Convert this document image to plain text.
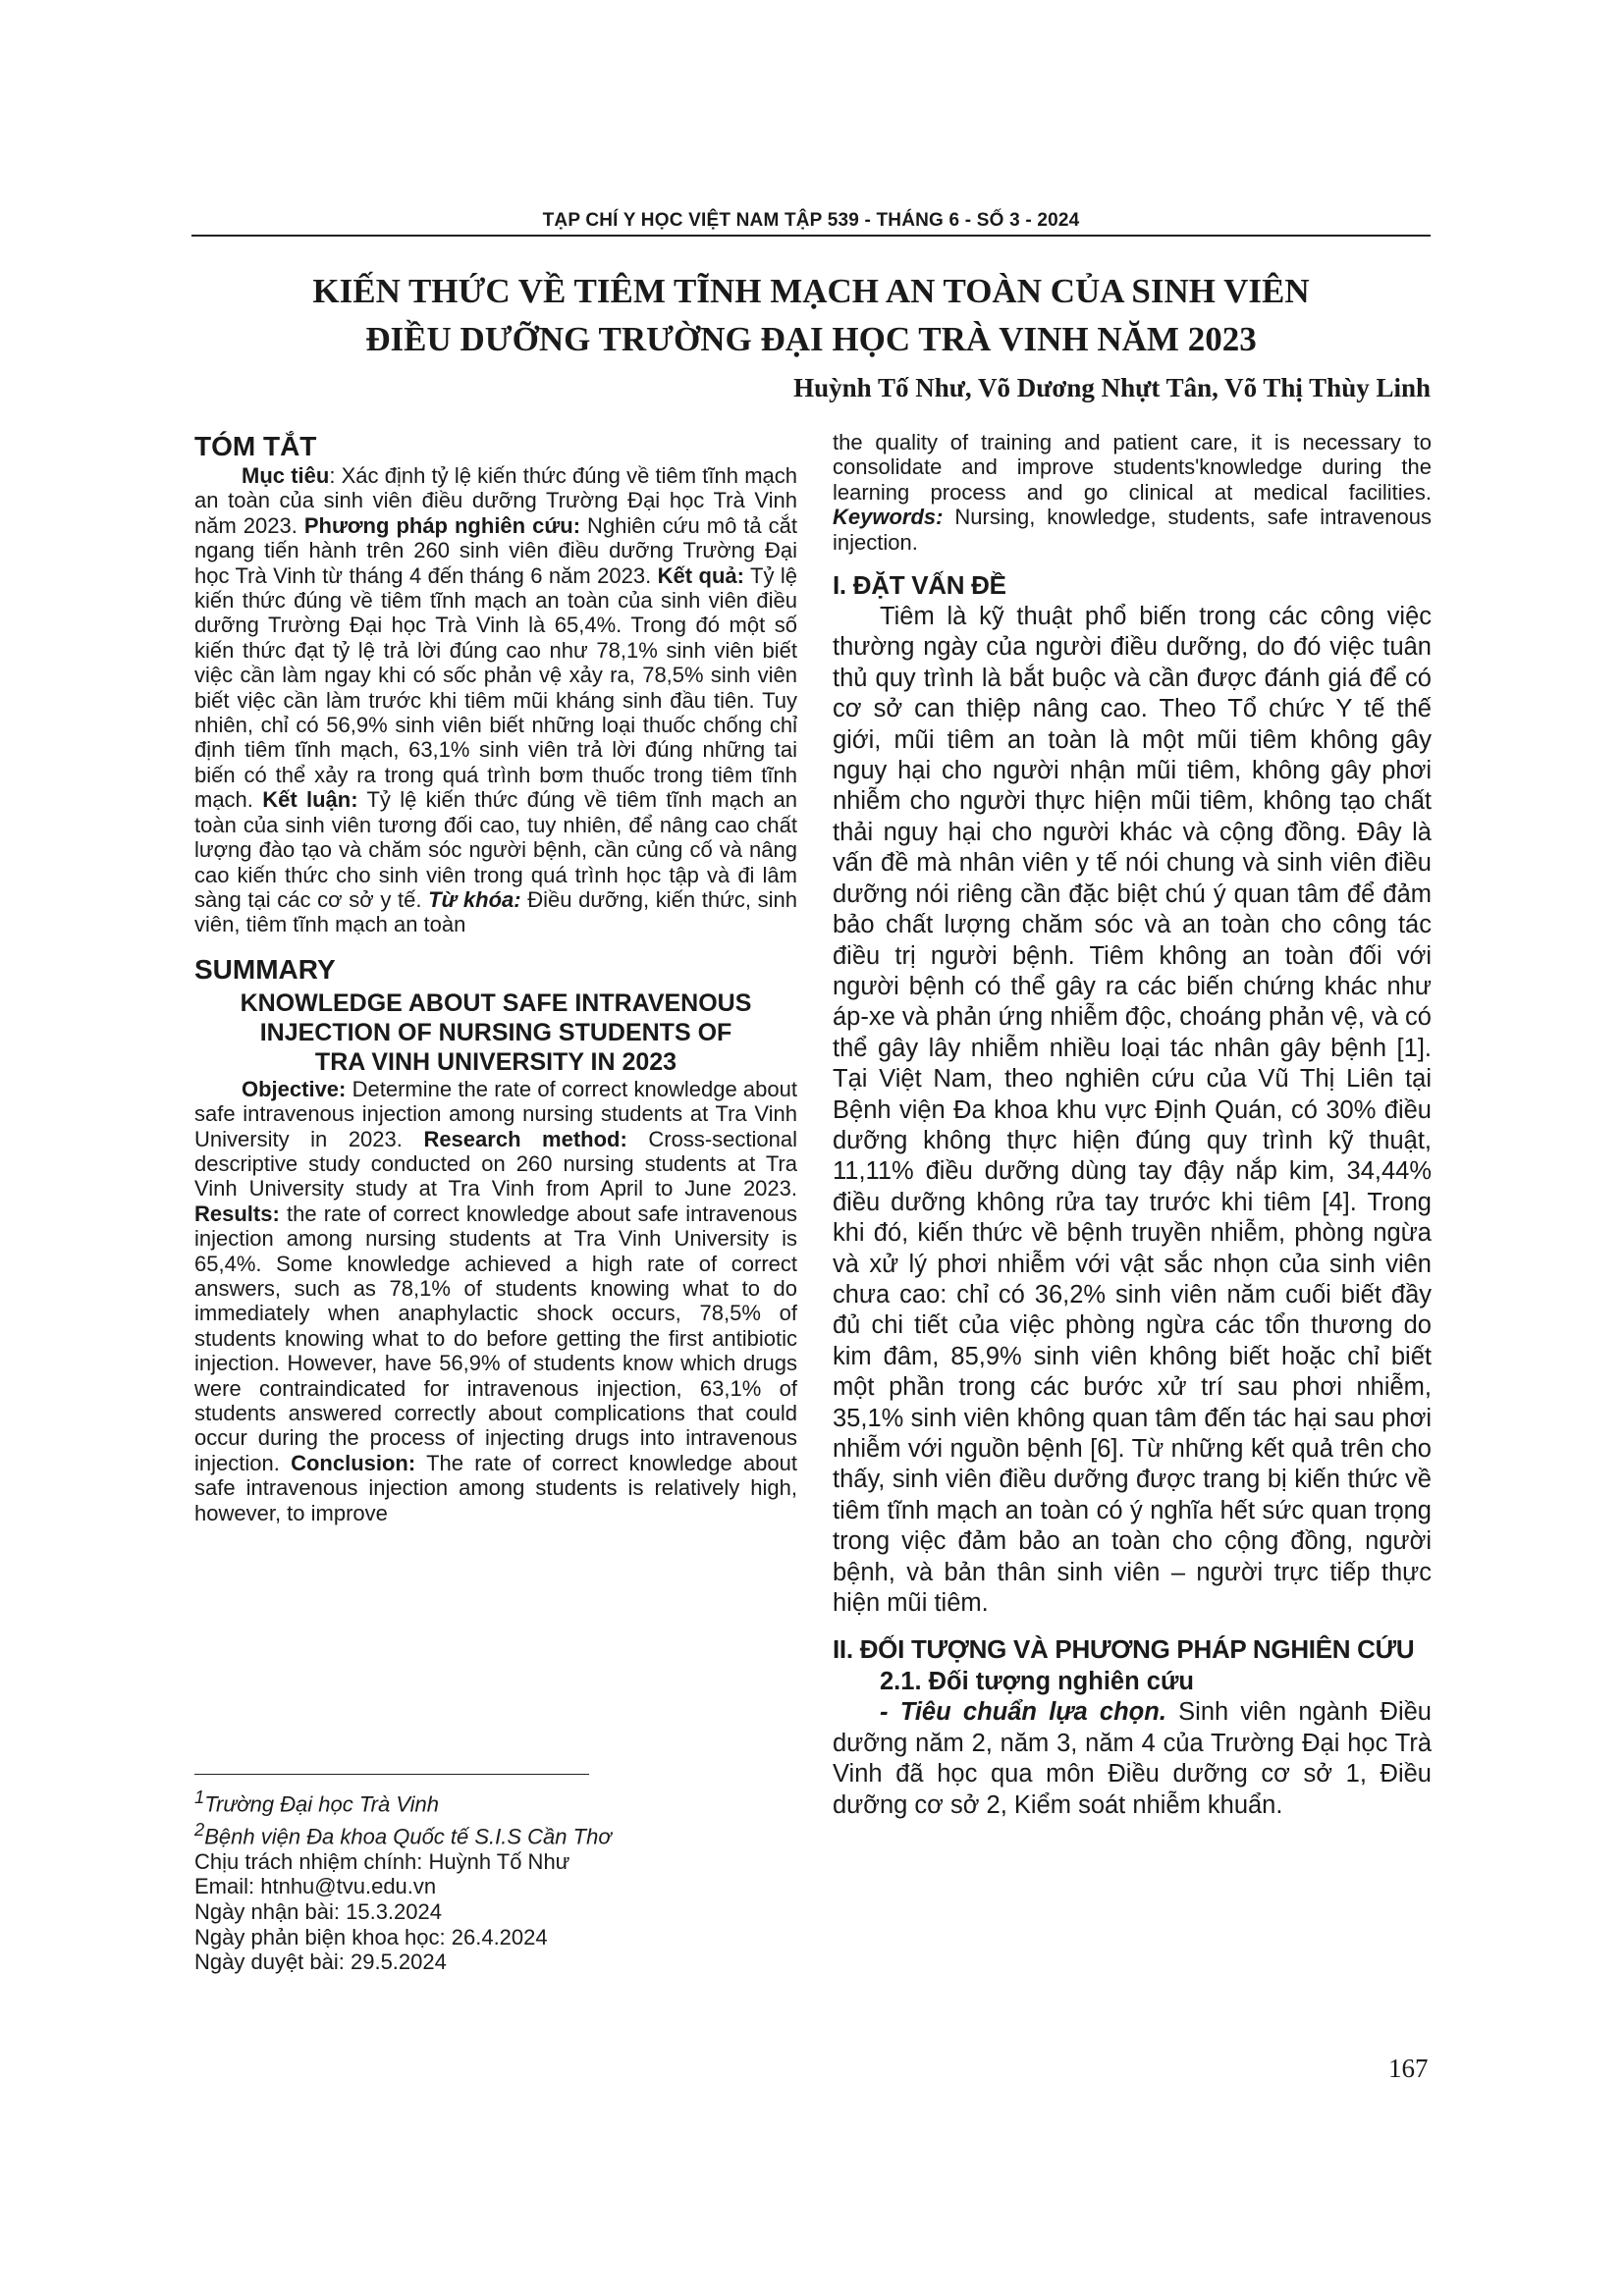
TẠP CHÍ Y HỌC VIỆT NAM TẬP 539 - THÁNG 6 - SỐ 3 - 2024
KIẾN THỨC VỀ TIÊM TĨNH MẠCH AN TOÀN CỦA SINH VIÊN
ĐIỀU DƯỠNG TRƯỜNG ĐẠI HỌC TRÀ VINH NĂM 2023
Huỳnh Tố Như, Võ Dương Nhựt Tân, Võ Thị Thùy Linh
TÓM TẮT

Mục tiêu: Xác định tỷ lệ kiến thức đúng về tiêm tĩnh mạch an toàn của sinh viên điều dưỡng Trường Đại học Trà Vinh năm 2023. Phương pháp nghiên cứu: Nghiên cứu mô tả cắt ngang tiến hành trên 260 sinh viên điều dưỡng Trường Đại học Trà Vinh từ tháng 4 đến tháng 6 năm 2023. Kết quả: Tỷ lệ kiến thức đúng về tiêm tĩnh mạch an toàn của sinh viên điều dưỡng Trường Đại học Trà Vinh là 65,4%. Trong đó một số kiến thức đạt tỷ lệ trả lời đúng cao như 78,1% sinh viên biết việc cần làm ngay khi có sốc phản vệ xảy ra, 78,5% sinh viên biết việc cần làm trước khi tiêm mũi kháng sinh đầu tiên. Tuy nhiên, chỉ có 56,9% sinh viên biết những loại thuốc chống chỉ định tiêm tĩnh mạch, 63,1% sinh viên trả lời đúng những tai biến có thể xảy ra trong quá trình bơm thuốc trong tiêm tĩnh mạch. Kết luận: Tỷ lệ kiến thức đúng về tiêm tĩnh mạch an toàn của sinh viên tương đối cao, tuy nhiên, để nâng cao chất lượng đào tạo và chăm sóc người bệnh, cần củng cố và nâng cao kiến thức cho sinh viên trong quá trình học tập và đi lâm sàng tại các cơ sở y tế. Từ khóa: Điều dưỡng, kiến thức, sinh viên, tiêm tĩnh mạch an toàn

SUMMARY
KNOWLEDGE ABOUT SAFE INTRAVENOUS
INJECTION OF NURSING STUDENTS OF
TRA VINH UNIVERSITY IN 2023

Objective: Determine the rate of correct knowledge about safe intravenous injection among nursing students at Tra Vinh University in 2023. Research method: Cross-sectional descriptive study conducted on 260 nursing students at Tra Vinh University study at Tra Vinh from April to June 2023. Results: the rate of correct knowledge about safe intravenous injection among nursing students at Tra Vinh University is 65,4%. Some knowledge achieved a high rate of correct answers, such as 78,1% of students knowing what to do immediately when anaphylactic shock occurs, 78,5% of students knowing what to do before getting the first antibiotic injection. However, have 56,9% of students know which drugs were contraindicated for intravenous injection, 63,1% of students answered correctly about complications that could occur during the process of injecting drugs into intravenous injection. Conclusion: The rate of correct knowledge about safe intravenous injection among students is relatively high, however, to improve

$^1$Trường Đại học Trà Vinh
$^2$Bệnh viện Đa khoa Quốc tế S.I.S Cần Thơ
Chịu trách nhiệm chính: Huỳnh Tố Như
Email: htnhu@tvu.edu.vn
Ngày nhận bài: 15.3.2024
Ngày phản biện khoa học: 26.4.2024
Ngày duyệt bài: 29.5.2024

the quality of training and patient care, it is necessary to consolidate and improve students'knowledge during the learning process and go clinical at medical facilities. Keywords: Nursing, knowledge, students, safe intravenous injection.

I. ĐẶT VẤN ĐỀ

Tiêm là kỹ thuật phổ biến trong các công việc thường ngày của người điều dưỡng, do đó việc tuân thủ quy trình là bắt buộc và cần được đánh giá để có cơ sở can thiệp nâng cao. Theo Tổ chức Y tế thế giới, mũi tiêm an toàn là một mũi tiêm không gây nguy hại cho người nhận mũi tiêm, không gây phơi nhiễm cho người thực hiện mũi tiêm, không tạo chất thải nguy hại cho người khác và cộng đồng. Đây là vấn đề mà nhân viên y tế nói chung và sinh viên điều dưỡng nói riêng cần đặc biệt chú ý quan tâm để đảm bảo chất lượng chăm sóc và an toàn cho công tác điều trị người bệnh. Tiêm không an toàn đối với người bệnh có thể gây ra các biến chứng khác như áp-xe và phản ứng nhiễm độc, choáng phản vệ, và có thể gây lây nhiễm nhiều loại tác nhân gây bệnh [1]. Tại Việt Nam, theo nghiên cứu của Vũ Thị Liên tại Bệnh viện Đa khoa khu vực Định Quán, có 30% điều dưỡng không thực hiện đúng quy trình kỹ thuật, 11,11% điều dưỡng dùng tay đậy nắp kim, 34,44% điều dưỡng không rửa tay trước khi tiêm [4]. Trong khi đó, kiến thức về bệnh truyền nhiễm, phòng ngừa và xử lý phơi nhiễm với vật sắc nhọn của sinh viên chưa cao: chỉ có 36,2% sinh viên năm cuối biết đầy đủ chi tiết của việc phòng ngừa các tổn thương do kim đâm, 85,9% sinh viên không biết hoặc chỉ biết một phần trong các bước xử trí sau phơi nhiễm, 35,1% sinh viên không quan tâm đến tác hại sau phơi nhiễm với nguồn bệnh [6]. Từ những kết quả trên cho thấy, sinh viên điều dưỡng được trang bị kiến thức về tiêm tĩnh mạch an toàn có ý nghĩa hết sức quan trọng trong việc đảm bảo an toàn cho cộng đồng, người bệnh, và bản thân sinh viên – người trực tiếp thực hiện mũi tiêm.

II. ĐỐI TƯỢNG VÀ PHƯƠNG PHÁP NGHIÊN CỨU
2.1. Đối tượng nghiên cứu

- Tiêu chuẩn lựa chọn. Sinh viên ngành Điều dưỡng năm 2, năm 3, năm 4 của Trường Đại học Trà Vinh đã học qua môn Điều dưỡng cơ sở 1, Điều dưỡng cơ sở 2, Kiểm soát nhiễm khuẩn.

167
